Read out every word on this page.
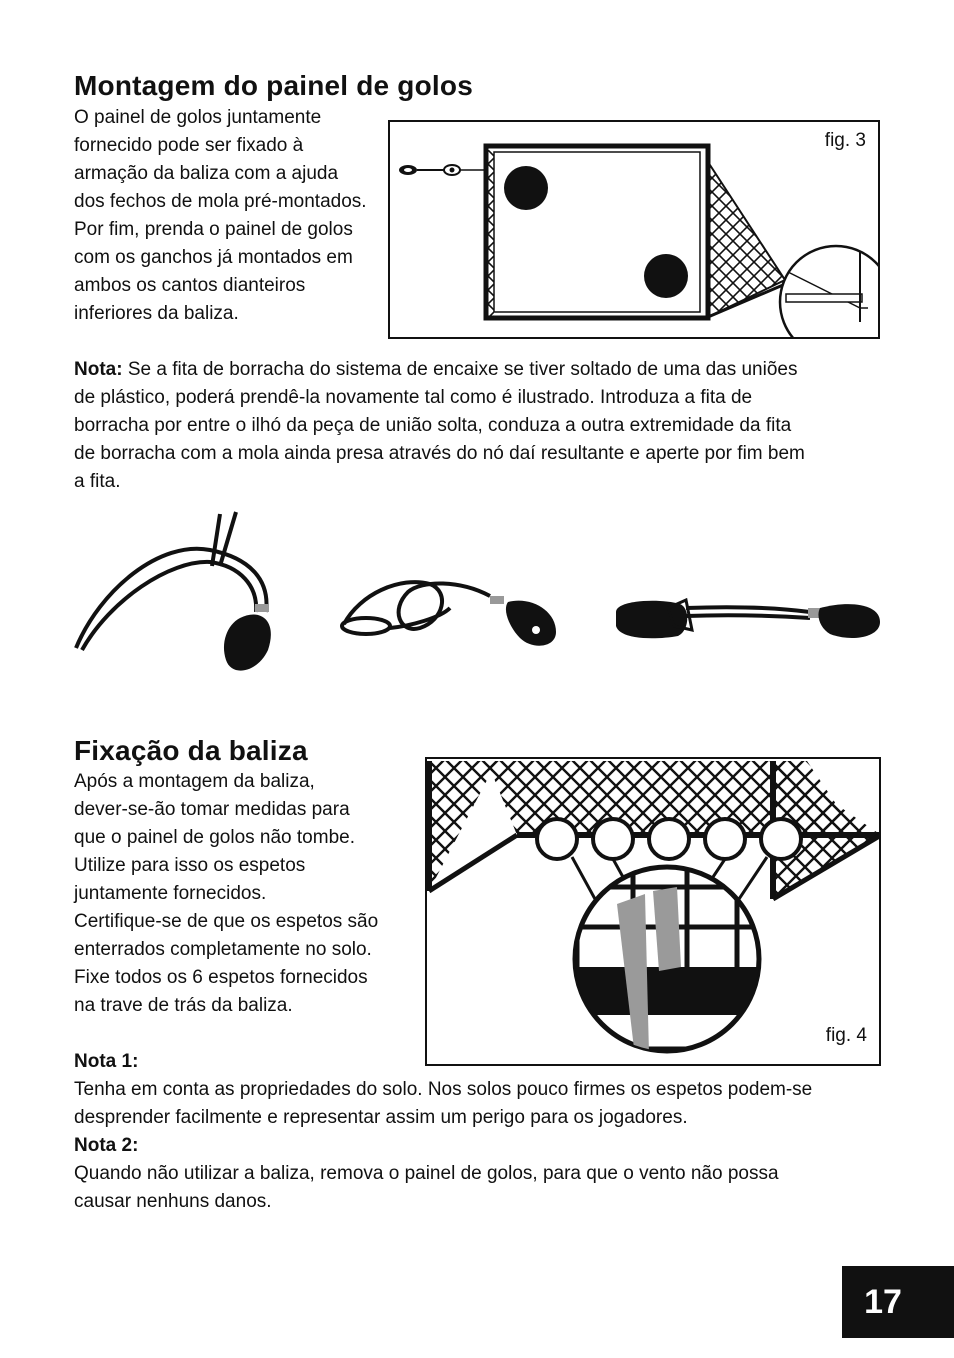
Montagem do painel de golos
O painel de golos juntamente
fornecido pode ser fixado à
armação da baliza com a ajuda
dos fechos de mola pré-montados.
Por fim, prenda o painel de golos
com os ganchos já montados em
ambos os cantos dianteiros
inferiores da baliza.
fig. 3
Nota: Se a fita de borracha do sistema de encaixe se tiver soltado de uma das uniões
de plástico, poderá prendê-la novamente tal como é ilustrado. Introduza a fita de
borracha por entre o ilhó da peça de união solta, conduza a outra extremidade da fita
de borracha com a mola ainda presa através do nó daí resultante e aperte por fim bem
a fita.
Fixação da baliza
Após a montagem da baliza,
dever-se-ão tomar medidas para
que o painel de golos não tombe.
Utilize para isso os espetos
juntamente fornecidos.
Certifique-se de que os espetos são
enterrados completamente no solo.
Fixe todos os 6 espetos fornecidos
na trave de trás da baliza.
fig. 4
Nota 1:
Tenha em conta as propriedades do solo. Nos solos pouco firmes os espetos podem-se
desprender facilmente e representar assim um perigo para os jogadores.
Nota 2:
Quando não utilizar a baliza, remova o painel de golos, para que o vento não possa
causar nenhuns danos.
17
